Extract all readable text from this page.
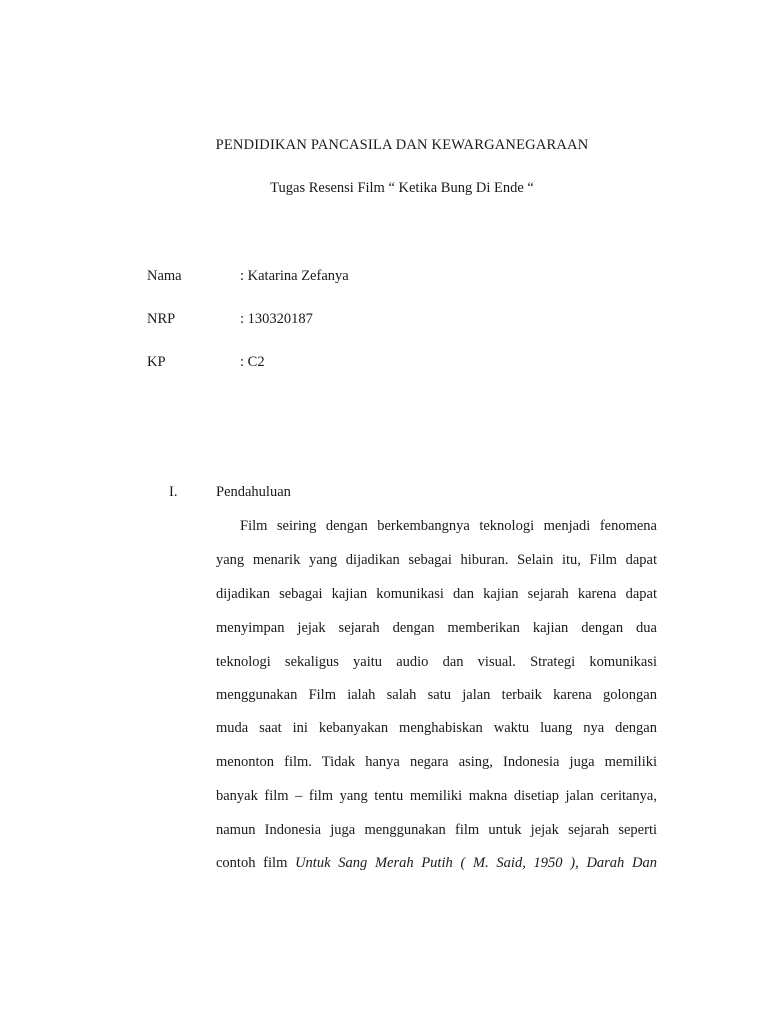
PENDIDIKAN PANCASILA DAN KEWARGANEGARAAN
Tugas Resensi Film “ Ketika Bung Di Ende “
Nama	: Katarina Zefanya
NRP	: 130320187
KP	: C2
I.	Pendahuluan
Film seiring dengan berkembangnya teknologi menjadi fenomena
yang menarik yang dijadikan sebagai hiburan. Selain itu, Film dapat
dijadikan sebagai kajian komunikasi dan kajian sejarah karena dapat
menyimpan jejak sejarah dengan memberikan kajian dengan dua
teknologi sekaligus yaitu audio dan visual. Strategi komunikasi
menggunakan Film ialah salah satu jalan terbaik karena golongan
muda saat ini kebanyakan menghabiskan waktu luang nya dengan
menonton film. Tidak hanya negara asing, Indonesia juga memiliki
banyak film – film yang tentu memiliki makna disetiap jalan ceritanya,
namun Indonesia juga menggunakan film untuk jejak sejarah seperti
contoh film Untuk Sang Merah Putih ( M. Said, 1950 ), Darah Dan
